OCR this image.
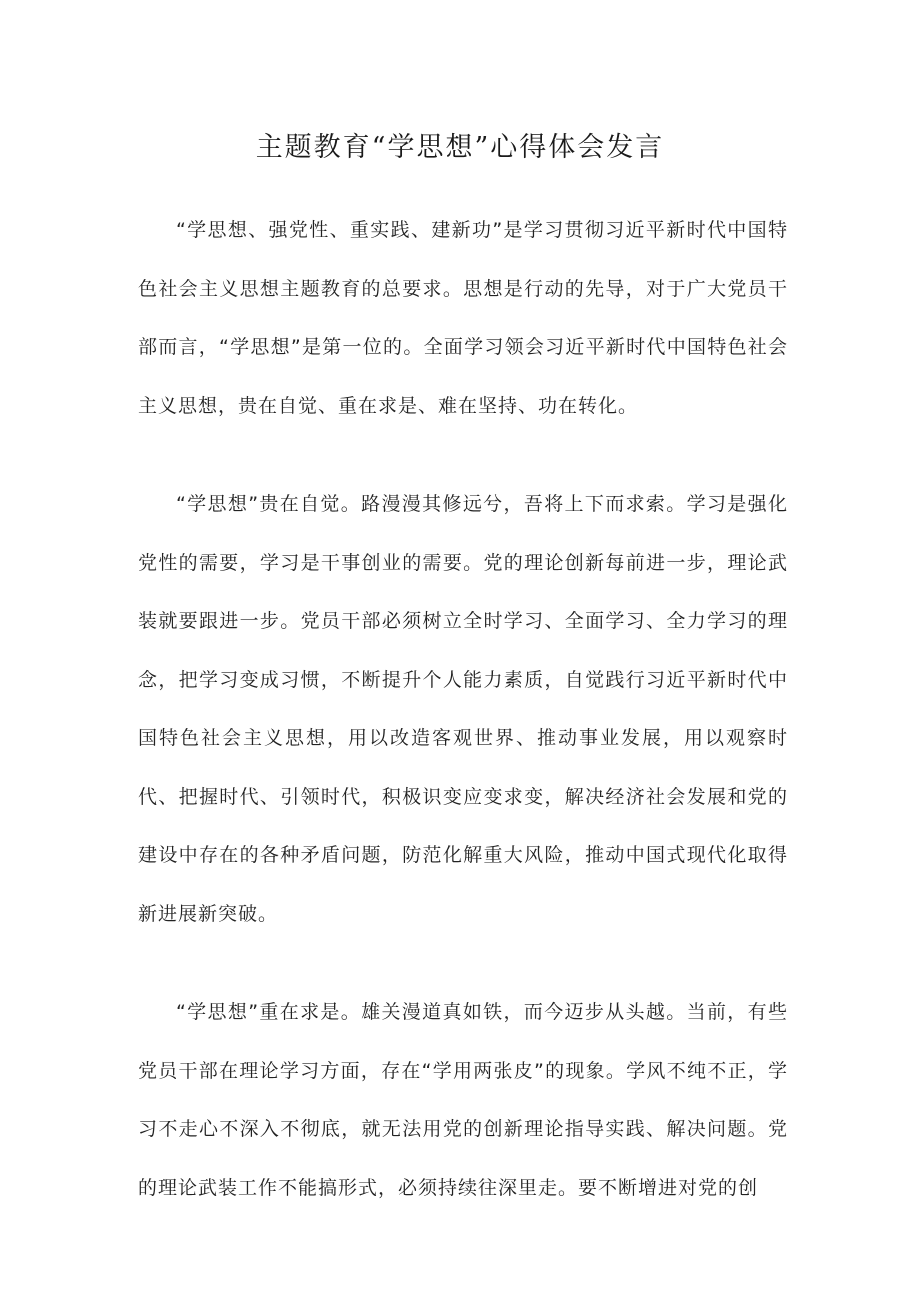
主题教育“学思想”心得体会发言

“学思想、强党性、重实践、建新功”是学习贯彻习近平新时代中国特色社会主义思想主题教育的总要求。思想是行动的先导，对于广大党员干部而言，“学思想”是第一位的。全面学习领会习近平新时代中国特色社会主义思想，贵在自觉、重在求是、难在坚持、功在转化。

“学思想”贵在自觉。路漫漫其修远兮，吾将上下而求索。学习是强化党性的需要，学习是干事创业的需要。党的理论创新每前进一步，理论武装就要跟进一步。党员干部必须树立全时学习、全面学习、全力学习的理念，把学习变成习惯，不断提升个人能力素质，自觉践行习近平新时代中国特色社会主义思想，用以改造客观世界、推动事业发展，用以观察时代、把握时代、引领时代，积极识变应变求变，解决经济社会发展和党的建设中存在的各种矛盾问题，防范化解重大风险，推动中国式现代化取得新进展新突破。

“学思想”重在求是。雄关漫道真如铁，而今迈步从头越。当前，有些党员干部在理论学习方面，存在“学用两张皮”的现象。学风不纯不正，学习不走心不深入不彻底，就无法用党的创新理论指导实践、解决问题。党的理论武装工作不能搞形式，必须持续往深里走。要不断增进对党的创
